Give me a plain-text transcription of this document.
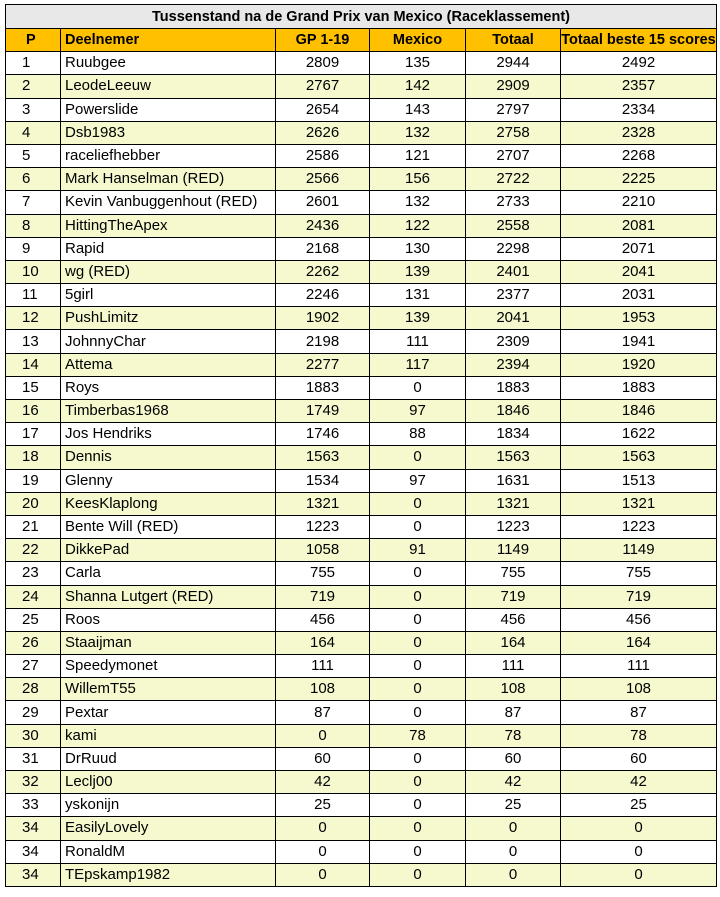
Tussenstand na de Grand Prix van Mexico (Raceklassement)					
P	Deelnemer	GP 1-19	Mexico	Totaal	Totaal beste 15 scores
1	Ruubgee	2809	135	2944	2492
2	LeodeLeeuw	2767	142	2909	2357
3	Powerslide	2654	143	2797	2334
4	Dsb1983	2626	132	2758	2328
5	raceliefhebber	2586	121	2707	2268
6	Mark Hanselman (RED)	2566	156	2722	2225
7	Kevin Vanbuggenhout (RED)	2601	132	2733	2210
8	HittingTheApex	2436	122	2558	2081
9	Rapid	2168	130	2298	2071
10	wg (RED)	2262	139	2401	2041
11	5girl	2246	131	2377	2031
12	PushLimitz	1902	139	2041	1953
13	JohnnyChar	2198	111	2309	1941
14	Attema	2277	117	2394	1920
15	Roys	1883	0	1883	1883
16	Timberbas1968	1749	97	1846	1846
17	Jos Hendriks	1746	88	1834	1622
18	Dennis	1563	0	1563	1563
19	Glenny	1534	97	1631	1513
20	KeesKlaplong	1321	0	1321	1321
21	Bente Will (RED)	1223	0	1223	1223
22	DikkePad	1058	91	1149	1149
23	Carla	755	0	755	755
24	Shanna Lutgert (RED)	719	0	719	719
25	Roos	456	0	456	456
26	Staaijman	164	0	164	164
27	Speedymonet	111	0	111	111
28	WillemT55	108	0	108	108
29	Pextar	87	0	87	87
30	kami	0	78	78	78
31	DrRuud	60	0	60	60
32	Leclj00	42	0	42	42
33	yskonijn	25	0	25	25
34	EasilyLovely	0	0	0	0
34	RonaldM	0	0	0	0
34	TEpskamp1982	0	0	0	0
